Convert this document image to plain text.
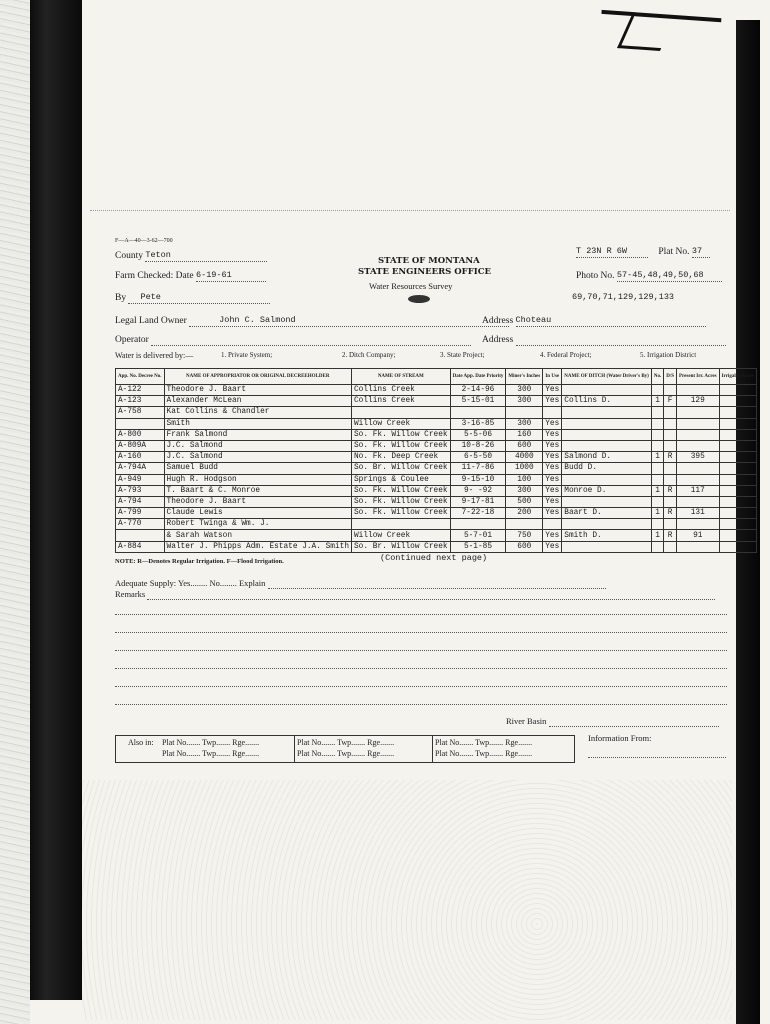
F—A—40—3-62—700
STATE OF MONTANA
STATE ENGINEERS OFFICE
Water Resources Survey
County Teton
Farm Checked: Date 6-19-61
By Pete
T 23N R 6W	Plat No. 37
Photo No. 57-45,48,49,50,68
69,70,71,129,129,133
Legal Land Owner	John C. Salmond	Address Choteau
Operator	Address
Water is delivered by:—	1. Private System;	2. Ditch Company;	3. State Project;	4. Federal Project;	5. Irrigation District
App. No. Decree No.	NAME OF APPROPRIATOR OR ORIGINAL DECREEHOLDER	NAME OF STREAM	Date App. Date Priority	Miner's Inches	In Use	NAME OF DITCH (Water Driver's By)	No.	D/S	Present Irr. Acres	Irrigable Acres
A-122	Theodore J. Baart	Collins Creek	2-14-96	300	Yes					
A-123	Alexander McLean	Collins Creek	5-15-01	300	Yes	Collins D.	1	F	129	
A-758	Kat Collins & Chandler									
	Smith	Willow Creek	3-16-85	300	Yes					
A-800	Frank Salmond	So. Fk. Willow Creek	5-5-06	160	Yes					
A-809A	J.C. Salmond	So. Fk. Willow Creek	10-8-26	600	Yes					
A-160	J.C. Salmond	No. Fk. Deep Creek	6-5-50	4000	Yes	Salmond D.	1	R	395	
A-794A	Samuel Budd	So. Br. Willow Creek	11-7-86	1000	Yes	Budd D.				
A-949	Hugh R. Hodgson	Springs & Coulee	9-15-10	100	Yes					
A-793	T. Baart & C. Monroe	So. Fk. Willow Creek	9- -92	300	Yes	Monroe D.	1	R	117	
A-794	Theodore J. Baart	So. Fk. Willow Creek	9-17-81	500	Yes					
A-799	Claude Lewis	So. Fk. Willow Creek	7-22-18	200	Yes	Baart D.	1	R	131	
A-770	Robert Twinga & Wm. J.									
	& Sarah Watson	Willow Creek	5-7-01	750	Yes	Smith D.	1	R	91	
A-884	Walter J. Phipps Adm. Estate J.A. Smith	So. Br. Willow Creek	5-1-85	600	Yes					
NOTE: R—Denotes Regular Irrigation. F—Flood Irrigation.	(Continued next page)
Adequate Supply: Yes........ No........ Explain
Remarks
River Basin
Information From:
Also in: Plat No....... Twp....... Rge.......
Plat No....... Twp....... Rge.......
Plat No....... Twp....... Rge.......
Plat No....... Twp....... Rge.......
Plat No....... Twp....... Rge.......
Plat No....... Twp....... Rge.......
